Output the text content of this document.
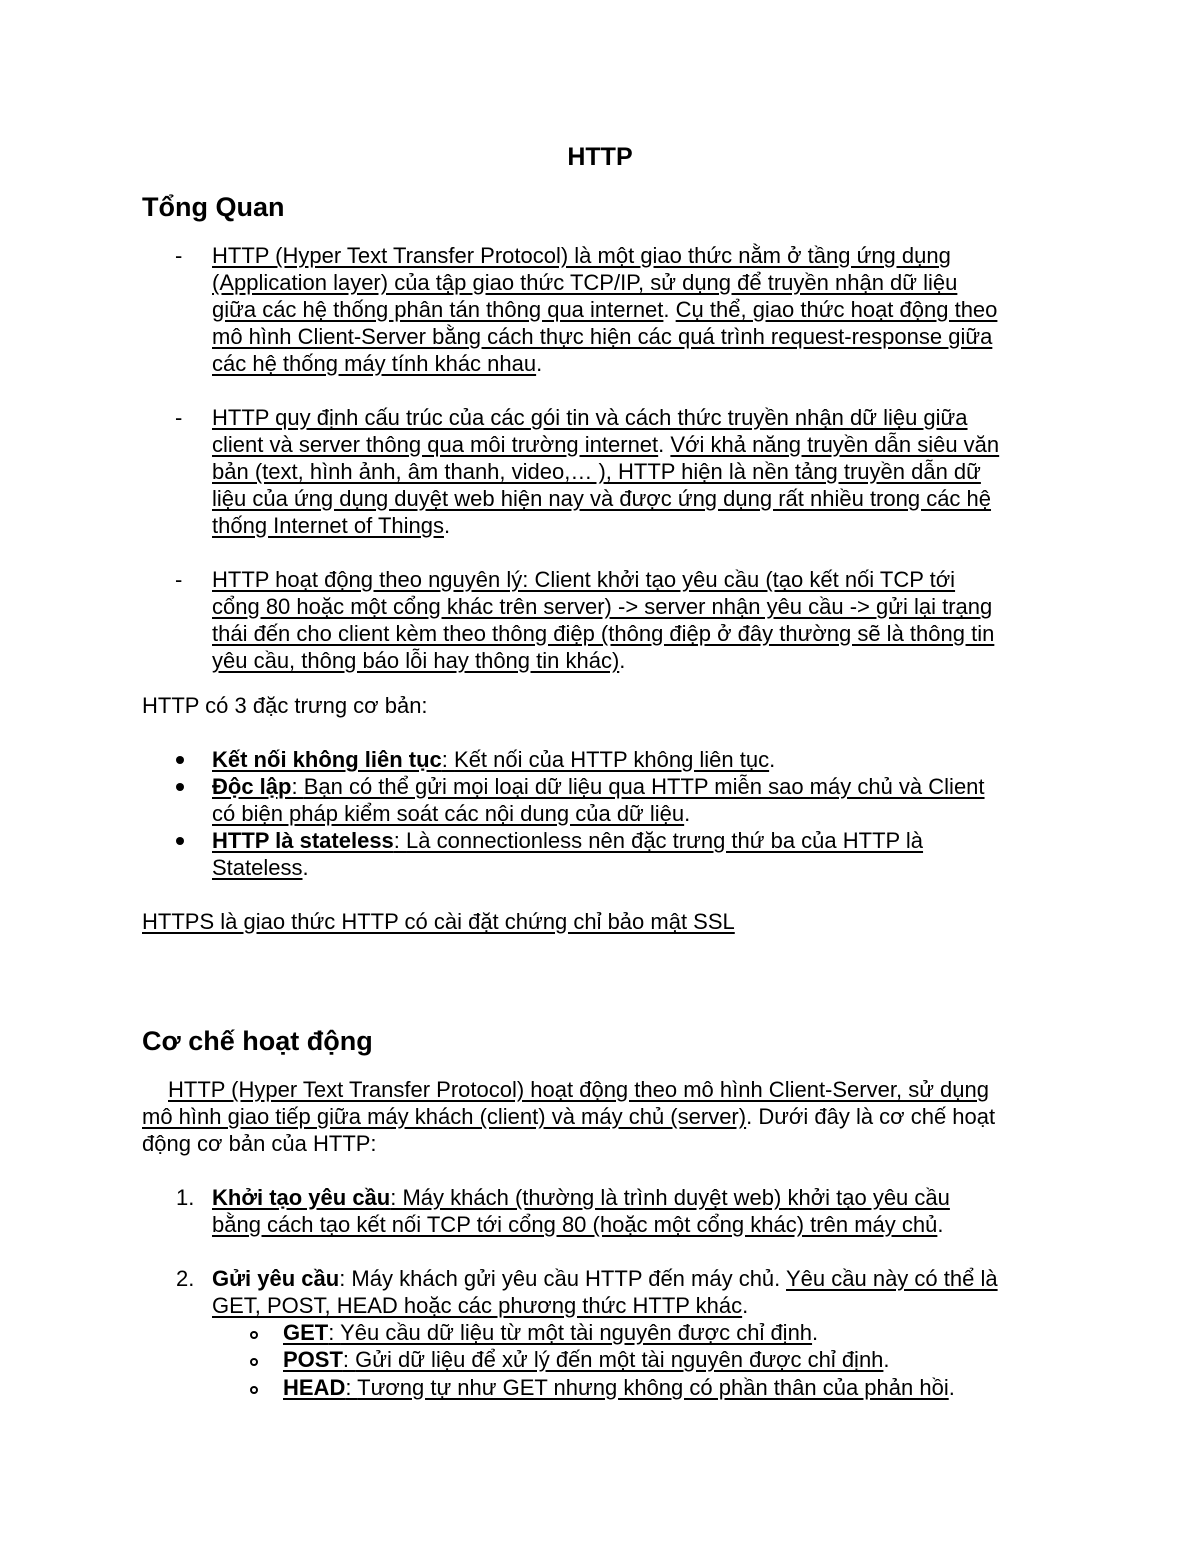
HTTP
Tổng Quan
- HTTP (Hyper Text Transfer Protocol) là một giao thức nằm ở tầng ứng dụng
(Application layer) của tập giao thức TCP/IP, sử dụng để truyền nhận dữ liệu
giữa các hệ thống phân tán thông qua internet. Cụ thể, giao thức hoạt động theo
mô hình Client-Server bằng cách thực hiện các quá trình request-response giữa
các hệ thống máy tính khác nhau.
- HTTP quy định cấu trúc của các gói tin và cách thức truyền nhận dữ liệu giữa
client và server thông qua môi trường internet. Với khả năng truyền dẫn siêu văn
bản (text, hình ảnh, âm thanh, video,… ), HTTP hiện là nền tảng truyền dẫn dữ
liệu của ứng dụng duyệt web hiện nay và được ứng dụng rất nhiều trong các hệ
thống Internet of Things.
- HTTP hoạt động theo nguyên lý: Client khởi tạo yêu cầu (tạo kết nối TCP tới
cổng 80 hoặc một cổng khác trên server) -> server nhận yêu cầu -> gửi lại trạng
thái đến cho client kèm theo thông điệp (thông điệp ở đây thường sẽ là thông tin
yêu cầu, thông báo lỗi hay thông tin khác).
HTTP có 3 đặc trưng cơ bản:
Kết nối không liên tục: Kết nối của HTTP không liên tục.
Độc lập: Bạn có thể gửi mọi loại dữ liệu qua HTTP miễn sao máy chủ và Client
có biện pháp kiểm soát các nội dung của dữ liệu.
HTTP là stateless: Là connectionless nên đặc trưng thứ ba của HTTP là
Stateless.
HTTPS là giao thức HTTP có cài đặt chứng chỉ bảo mật SSL
Cơ chế hoạt động
HTTP (Hyper Text Transfer Protocol) hoạt động theo mô hình Client-Server, sử dụng
mô hình giao tiếp giữa máy khách (client) và máy chủ (server). Dưới đây là cơ chế hoạt
động cơ bản của HTTP:
1. Khởi tạo yêu cầu: Máy khách (thường là trình duyệt web) khởi tạo yêu cầu
bằng cách tạo kết nối TCP tới cổng 80 (hoặc một cổng khác) trên máy chủ.
2. Gửi yêu cầu: Máy khách gửi yêu cầu HTTP đến máy chủ. Yêu cầu này có thể là
GET, POST, HEAD hoặc các phương thức HTTP khác.
GET: Yêu cầu dữ liệu từ một tài nguyên được chỉ định.
POST: Gửi dữ liệu để xử lý đến một tài nguyên được chỉ định.
HEAD: Tương tự như GET nhưng không có phần thân của phản hồi.
